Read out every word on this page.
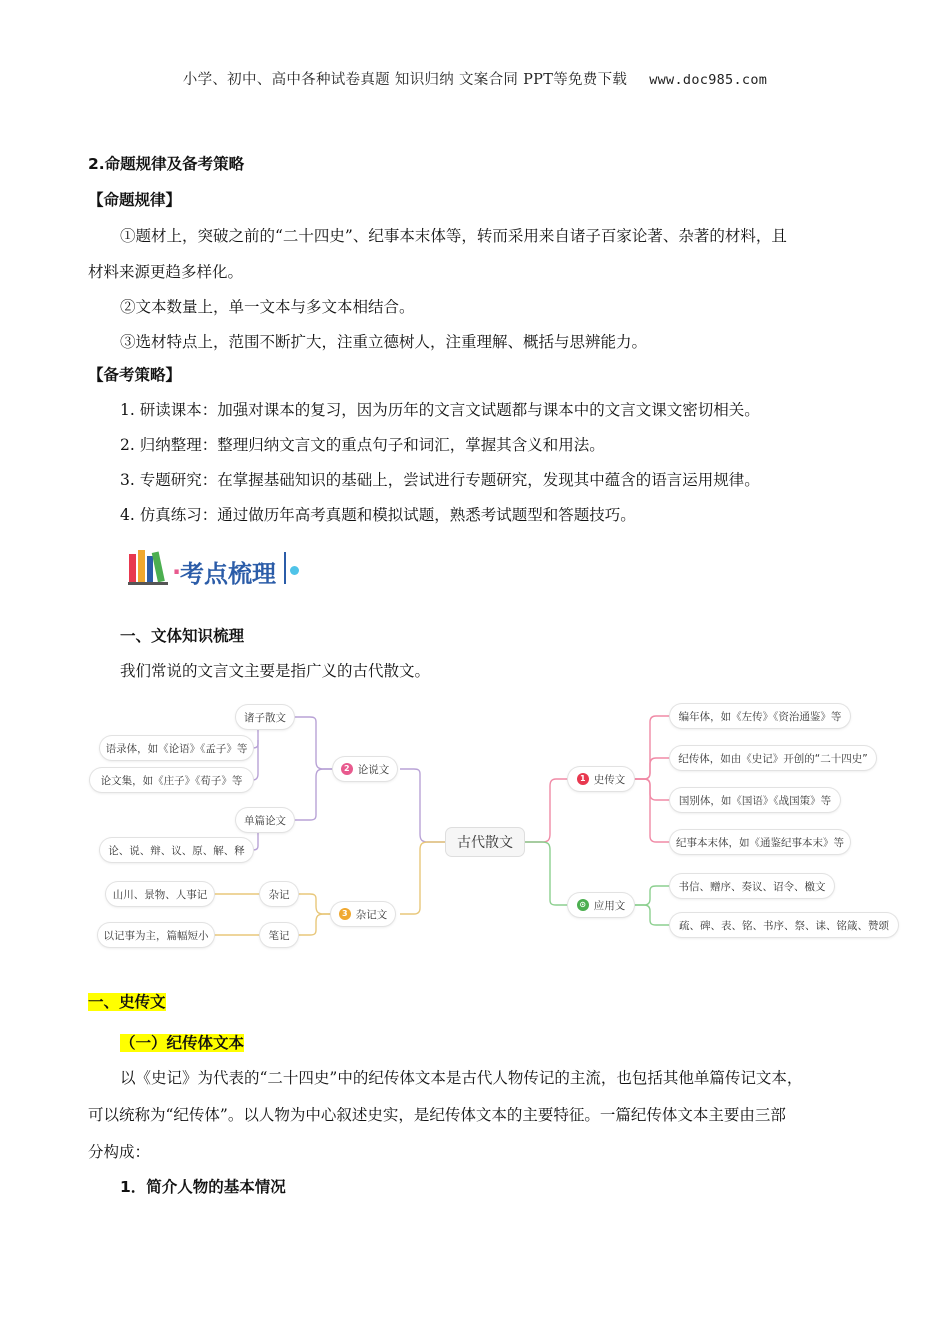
小学、初中、高中各种试卷真题 知识归纳 文案合同 PPT等免费下载 www.doc985.com
2.命题规律及备考策略
【命题规律】
①题材上，突破之前的“二十四史”、纪事本末体等，转而采用来自诸子百家论著、杂著的材料，且
材料来源更趋多样化。
②文本数量上，单一文本与多文本相结合。
③选材特点上，范围不断扩大，注重立德树人，注重理解、概括与思辨能力。
【备考策略】
1. 研读课本：加强对课本的复习，因为历年的文言文试题都与课本中的文言文课文密切相关。
2. 归纳整理：整理归纳文言文的重点句子和词汇，掌握其含义和用法。
3. 专题研究：在掌握基础知识的基础上，尝试进行专题研究，发现其中蕴含的语言运用规律。
4. 仿真练习：通过做历年高考真题和模拟试题，熟悉考试题型和答题技巧。
.
考点梳理
一、文体知识梳理
我们常说的文言文主要是指广义的古代散文。
古代散文
2 论说文
诸子散文
语录体，如《论语》《孟子》等
论文集，如《庄子》《荀子》等
单篇论文
论、说、辩、议、原、解、释
3 杂记文
杂记
山川、景物、人事记
笔记
以记事为主，篇幅短小
1 史传文
编年体，如《左传》《资治通鉴》等
纪传体，如由《史记》开创的“二十四史”
国别体，如《国语》《战国策》等
纪事本末体，如《通鉴纪事本末》等
⊙ 应用文
书信、赠序、奏议、诏令、檄文
疏、碑、表、铭、书序、祭、诔、铭箴、赞颂
一、史传文
（一）纪传体文本
以《史记》为代表的“二十四史”中的纪传体文本是古代人物传记的主流，也包括其他单篇传记文本，
可以统称为“纪传体”。以人物为中心叙述史实，是纪传体文本的主要特征。一篇纪传体文本主要由三部
分构成：
1．简介人物的基本情况
